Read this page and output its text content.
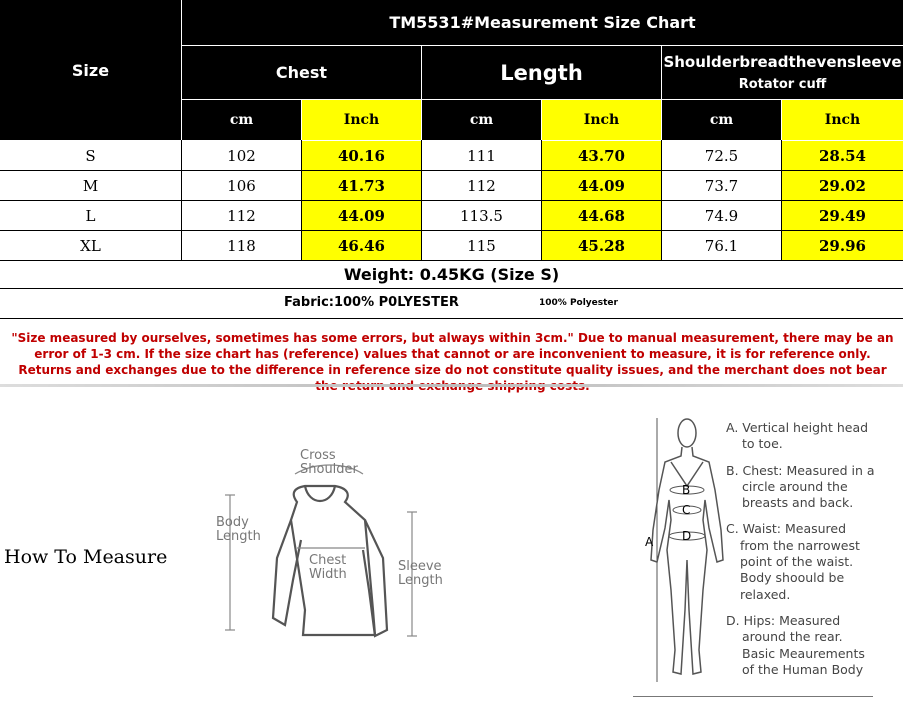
Size
TM5531#Measurement Size Chart
Chest	Length	Shoulderbreadthevensleeve
Rotator cuff
cm	Inch	cm	Inch	cm	Inch
S	102	40.16	111	43.70	72.5	28.54
M	106	41.73	112	44.09	73.7	29.02
L	112	44.09	113.5	44.68	74.9	29.49
XL	118	46.46	115	45.28	76.1	29.96
Weight: 0.45KG (Size S)
Fabric:100% P0LYESTER	100% Polyester
"Size measured by ourselves, sometimes has some errors, but always within 3cm." Due to manual measurement, there may be an error of 1-3 cm. If the size chart has (reference) values that cannot or are inconvenient to measure, it is for reference only. Returns and exchanges due to the difference in reference size do not constitute quality issues, and the merchant does not bear
How To Measure
Cross
Shoulder
Body
Length
Chest
Width
Sleeve
Length
A
B
C
D
A. Vertical height head
to toe.
B. Chest: Measured in a
circle around the
breasts and back.
C. Waist: Measured
from the narrowest
point of the waist.
Body shoould be
relaxed.
D. Hips: Measured
around the rear.
Basic Meaurements
of the Human Body
